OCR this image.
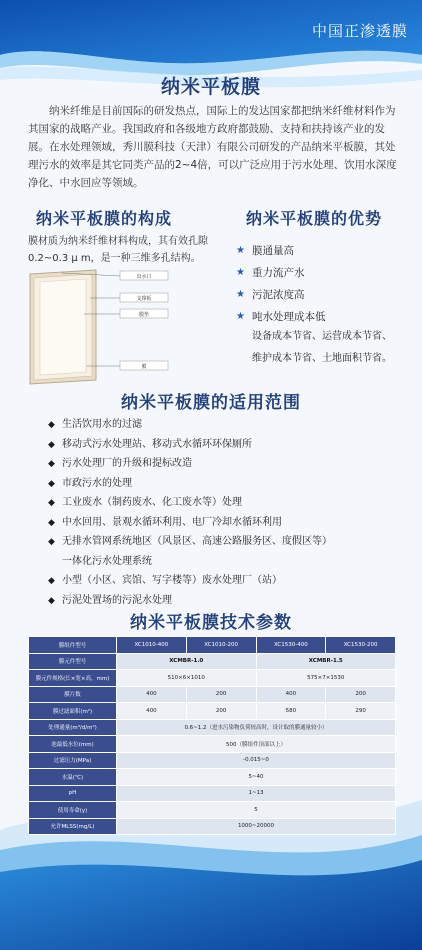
中国正渗透膜
纳米平板膜

纳米纤维是目前国际的研发热点，国际上的发达国家都把纳米纤维材料作为其国家的战略产业。我国政府和各级地方政府都鼓励、支持和扶持该产业的发展。在水处理领域，秀川膜科技（天津）有限公司研发的产品纳米平板膜，其处理污水的效率是其它同类产品的2~4倍，可以广泛应用于污水处理、饮用水深度净化、中水回应等领域。

纳米平板膜的构成	纳米平板膜的优势
膜材质为纳米纤维材料构成，其有效孔隙0.2~0.3 μ m，是一种三维多孔结构。
出水口
支撑板
膜垫
膜
★ 膜通量高
★ 重力流产水
★ 污泥浓度高
★ 吨水处理成本低
设备成本节省、运营成本节省、
维护成本节省、土地面积节省。
纳米平板膜的适用范围
◆ 生活饮用水的过滤
◆ 移动式污水处理站、移动式水循环环保厕所
◆ 污水处理厂的升级和提标改造
◆ 市政污水的处理
◆ 工业废水（制药废水、化工废水等）处理
◆ 中水回用、景观水循环利用、电厂冷却水循环利用
◆ 无排水管网系统地区（风景区、高速公路服务区、度假区等）
一体化污水处理系统
◆ 小型（小区、宾馆、写字楼等）废水处理厂（站）
◆ 污泥处置场的污泥水处理
纳米平板膜技术参数
膜组件型号	XC1010-400	XC1010-200	XC1530-400	XC1530-200
膜元件型号	XCMBR-1.0		XCMBR-1.5	
膜元件规格(长×宽×高，mm)	510×6×1010		575×7×1530	
膜片数	400	200	400	200
膜过滤面积(m²)	400	200	580	290
处理通量(m³/d/m²)	0.6~1.2（进水污染物负荷较高时，设计取的膜通量较小）			
池最低水位(mm)	500（膜组件顶部以上）			
过滤压力(MPa)	-0.015~0			
水温(℃)	5~40			
pH	1~13			
使用寿命(y)	5			
允许MLSS(mg/L)	1000~20000			
